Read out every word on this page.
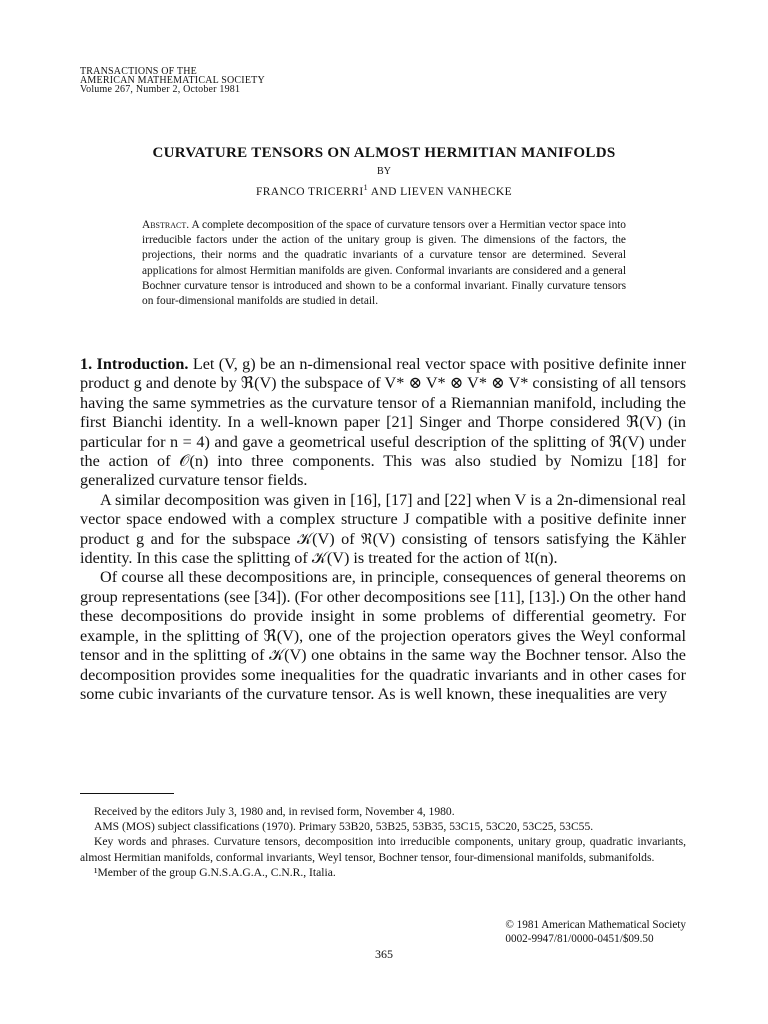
TRANSACTIONS OF THE
AMERICAN MATHEMATICAL SOCIETY
Volume 267, Number 2, October 1981
CURVATURE TENSORS ON ALMOST HERMITIAN MANIFOLDS
BY
FRANCO TRICERRI$^1$ AND LIEVEN VANHECKE
Abstract. A complete decomposition of the space of curvature tensors over a Hermitian vector space into irreducible factors under the action of the unitary group is given. The dimensions of the factors, the projections, their norms and the quadratic invariants of a curvature tensor are determined. Several applications for almost Hermitian manifolds are given. Conformal invariants are considered and a general Bochner curvature tensor is introduced and shown to be a conformal invariant. Finally curvature tensors on four-dimensional manifolds are studied in detail.

1. Introduction. Let (V, g) be an n-dimensional real vector space with positive definite inner product g and denote by ℜ(V) the subspace of V* ⊗ V* ⊗ V* ⊗ V* consisting of all tensors having the same symmetries as the curvature tensor of a Riemannian manifold, including the first Bianchi identity. In a well-known paper [21] Singer and Thorpe considered ℜ(V) (in particular for n = 4) and gave a geometrical useful description of the splitting of ℜ(V) under the action of 𝒪(n) into three components. This was also studied by Nomizu [18] for generalized curvature tensor fields.

A similar decomposition was given in [16], [17] and [22] when V is a 2n-dimensional real vector space endowed with a complex structure J compatible with a positive definite inner product g and for the subspace 𝒦(V) of ℜ(V) consisting of tensors satisfying the Kähler identity. In this case the splitting of 𝒦(V) is treated for the action of 𝔘(n).

Of course all these decompositions are, in principle, consequences of general theorems on group representations (see [34]). (For other decompositions see [11], [13].) On the other hand these decompositions do provide insight in some problems of differential geometry. For example, in the splitting of ℜ(V), one of the projection operators gives the Weyl conformal tensor and in the splitting of 𝒦(V) one obtains in the same way the Bochner tensor. Also the decomposition provides some inequalities for the quadratic invariants and in other cases for some cubic invariants of the curvature tensor. As is well known, these inequalities are very

Received by the editors July 3, 1980 and, in revised form, November 4, 1980.

AMS (MOS) subject classifications (1970). Primary 53B20, 53B25, 53B35, 53C15, 53C20, 53C25, 53C55.

Key words and phrases. Curvature tensors, decomposition into irreducible components, unitary group, quadratic invariants, almost Hermitian manifolds, conformal invariants, Weyl tensor, Bochner tensor, four-dimensional manifolds, submanifolds.

¹Member of the group G.N.S.A.G.A., C.N.R., Italia.

© 1981 American Mathematical Society
0002-9947/81/0000-0451/$09.50
365
